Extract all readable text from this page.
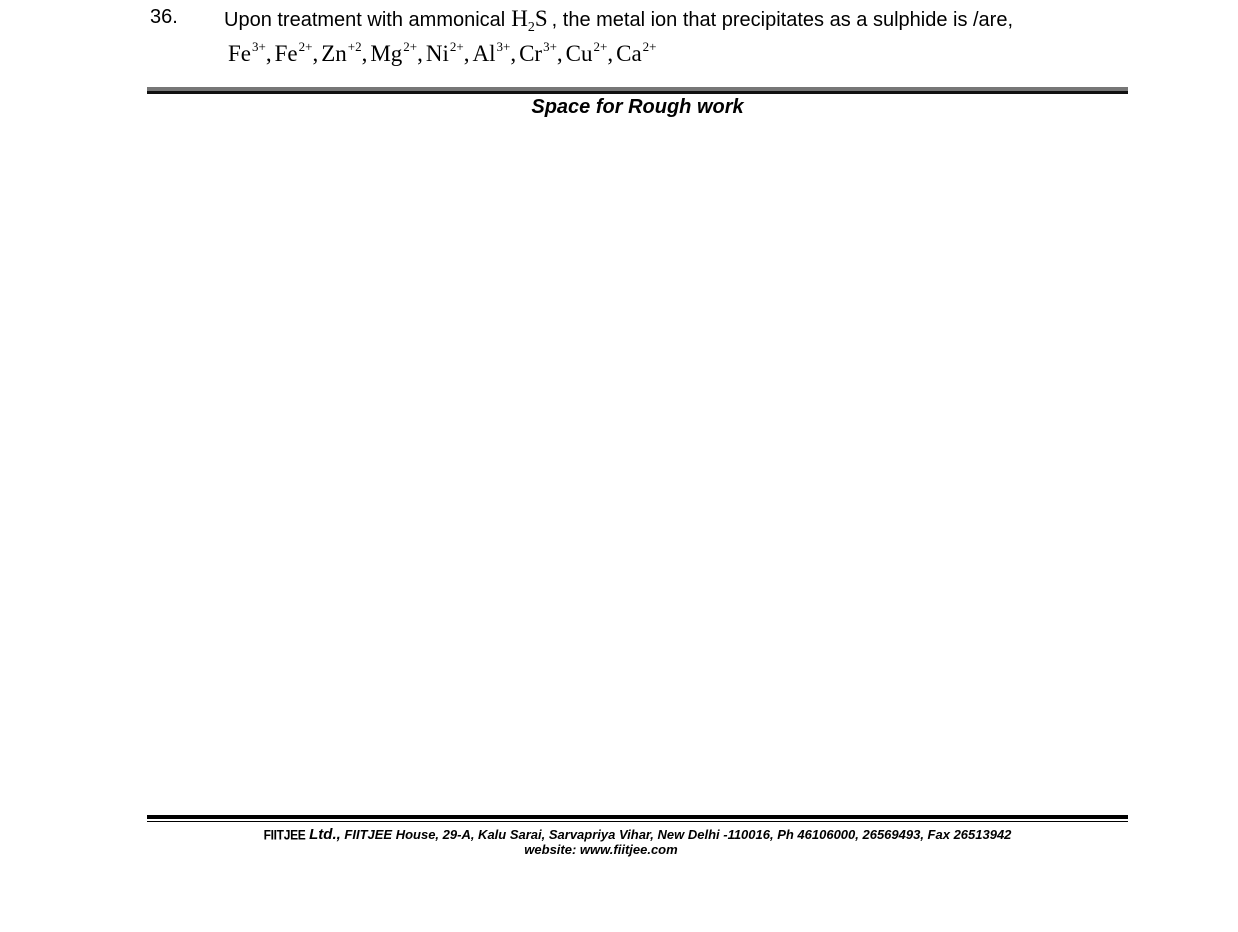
36. Upon treatment with ammonical $H_2S$ , the metal ion that precipitates as a sulphide is /are,
$Fe^{3+}$ , $Fe^{2+}$ , $Zn^{+2}$ , $Mg^{2+}$ , $Ni^{2+}$ , $Al^{3+}$ , $Cr^{3+}$ , $Cu^{2+}$ , $Ca^{2+}$
Space for Rough work
FIITJEE Ltd., FIITJEE House, 29-A, Kalu Sarai, Sarvapriya Vihar, New Delhi -110016, Ph 46106000, 26569493, Fax 26513942
website: www.fiitjee.com
